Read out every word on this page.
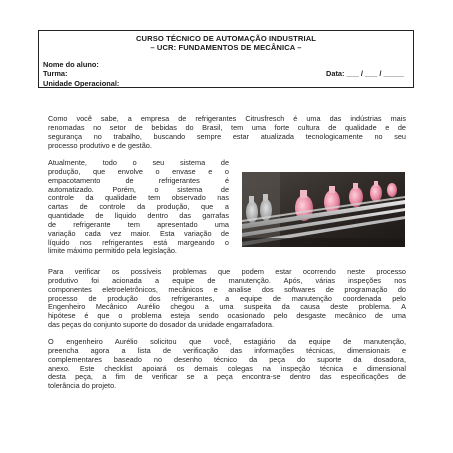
CURSO TÉCNICO DE AUTOMAÇÃO INDUSTRIAL
– UCR: FUNDAMENTOS DE MECÂNICA –
Nome do aluno:
Turma:	Data: ___ / ___ / _____
Unidade Operacional:
Como você sabe, a empresa de refrigerantes Citrusfresch é uma das indústrias mais
renomadas no setor de bebidas do Brasil, tem uma forte cultura de qualidade e de
segurança no trabalho, buscando sempre estar atualizada tecnologicamente no seu
processo produtivo e de gestão.
Atualmente, todo o seu sistema de
produção, que envolve o envase e o
empacotamento de refrigerantes é
automatizado. Porém, o sistema de
controle da qualidade tem observado nas
cartas de controle da produção, que a
quantidade de líquido dentro das garrafas
de refrigerante tem apresentado uma
variação cada vez maior. Esta variação de
líquido nos refrigerantes está margeando o
limite máximo permitido pela legislação.
Para verificar os possíveis problemas que podem estar ocorrendo neste processo
produtivo foi acionada a equipe de manutenção. Após, várias inspeções nos
componentes eletroeletrônicos, mecânicos e analise dos softwares de programação do
processo de produção dos refrigerantes, a equipe de manutenção coordenada pelo
Engenheiro Mecânico Aurélio chegou a uma suspeita da causa deste problema. A
hipótese é que o problema esteja sendo ocasionado pelo desgaste mecânico de uma
das peças do conjunto suporte do dosador da unidade engarrafadora.
O engenheiro Aurélio solicitou que você, estagiário da equipe de manutenção,
preencha agora a lista de verificação das informações técnicas, dimensionais e
complementares baseado no desenho técnico da peça do suporte da dosadora,
anexo. Este checklist apoiará os demais colegas na inspeção técnica e dimensional
desta peça, a fim de verificar se a peça encontra-se dentro das especificações de
tolerância do projeto.
